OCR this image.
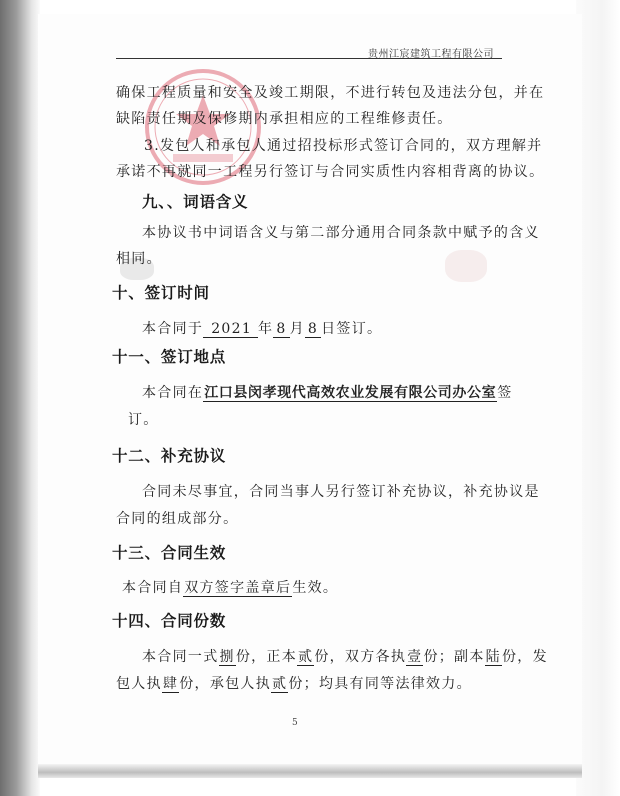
贵州江宸建筑工程有限公司
确保工程质量和安全及竣工期限，不进行转包及违法分包，并在
缺陷责任期及保修期内承担相应的工程维修责任。
3.发包人和承包人通过招投标形式签订合同的，双方理解并
承诺不再就同一工程另行签订与合同实质性内容相背离的协议。
九、、词语含义
本协议书中词语含义与第二部分通用合同条款中赋予的含义
相同。
十、签订时间
本合同于 2021 年 8 月 8 日签订。
十一、签订地点
本合同在江口县闵孝现代高效农业发展有限公司办公室签
订。
十二、补充协议
合同未尽事宜，合同当事人另行签订补充协议，补充协议是
合同的组成部分。
十三、合同生效
本合同自双方签字盖章后生效。
十四、合同份数
本合同一式捌份，正本贰份，双方各执壹份；副本陆份，发
包人执肆份，承包人执贰份；均具有同等法律效力。
5
